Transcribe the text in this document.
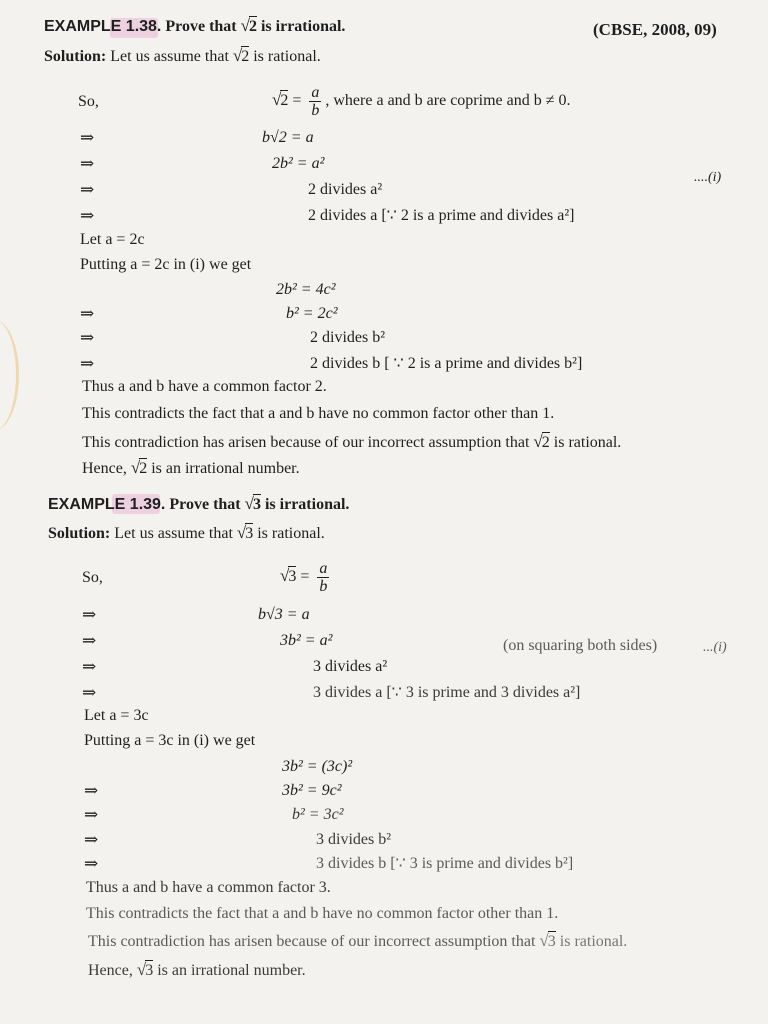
EXAMPLE 1.38. Prove that √2 is irrational.	(CBSE, 2008, 09)
Solution: Let us assume that √2 is rational.
So,	$√2 = \frac{a}{b}$ , where a and b are coprime and b ≠ 0.
⇒	b√2 = a
⇒	2b² = a²
....(i)
⇒	2 divides a²
⇒	2 divides a [∵ 2 is a prime and divides a²]
Let a = 2c
Putting a = 2c in (i) we get
2b² = 4c²
⇒	b² = 2c²
⇒	2 divides b²
⇒	2 divides b [ ∵ 2 is a prime and divides b²]
Thus a and b have a common factor 2.
This contradicts the fact that a and b have no common factor other than 1.
This contradiction has arisen because of our incorrect assumption that √2 is rational.
Hence, √2 is an irrational number.
EXAMPLE 1.39. Prove that √3 is irrational.
Solution: Let us assume that √3 is rational.
So,	$√3 = \frac{a}{b}$
⇒	b√3 = a
⇒	3b² = a²	(on squaring both sides)	...(i)
⇒	3 divides a²
⇒	3 divides a [∵ 3 is prime and 3 divides a²]
Let a = 3c
Putting a = 3c in (i) we get
3b² = (3c)²
⇒	3b² = 9c²
⇒	b² = 3c²
⇒	3 divides b²
⇒	3 divides b [∵ 3 is prime and divides b²]
Thus a and b have a common factor 3.
This contradicts the fact that a and b have no common factor other than 1.
This contradiction has arisen because of our incorrect assumption that √3 is rational.
Hence, √3 is an irrational number.
